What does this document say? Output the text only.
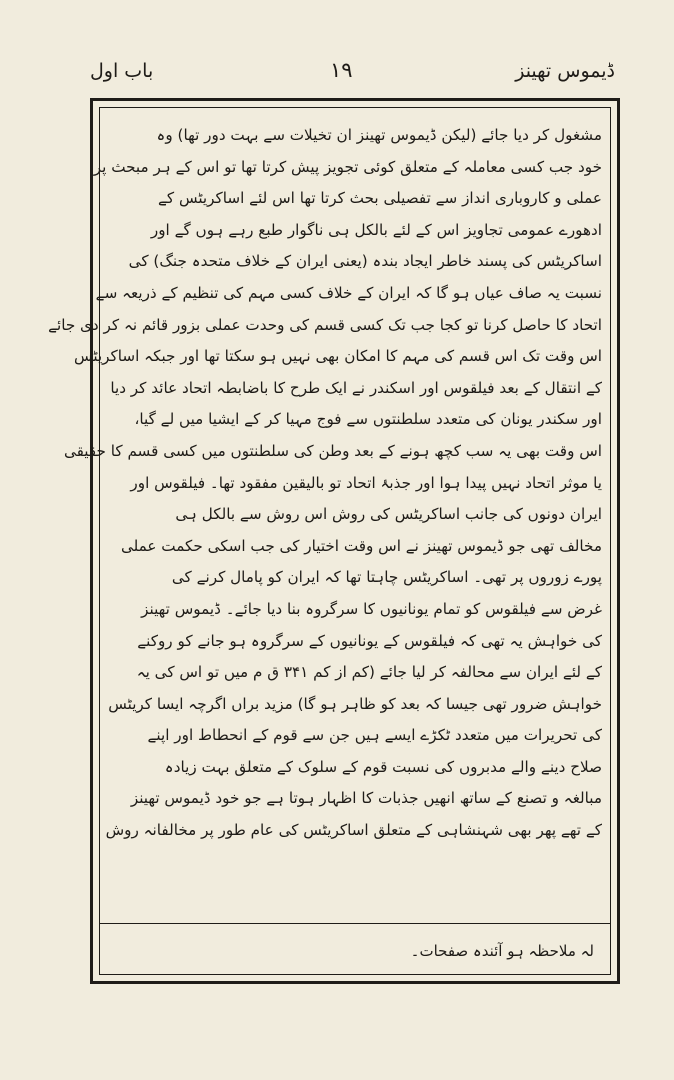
ڈیموس تھینز
۱۹
باب اول
مشغول کر دیا جائے (لیکن ڈیموس تھینز ان تخیلات سے بہت دور تھا) وہ
خود جب کسی معاملہ کے متعلق کوئی تجویز پیش کرتا تھا تو اس کے ہر مبحث پر
عملی و کاروباری انداز سے تفصیلی بحث کرتا تھا اس لئے اساکریٹس کے
ادھورے عمومی تجاویز اس کے لئے بالکل ہی ناگوار طبع رہے ہوں گے اور
اساکریٹس کی پسند خاطر ایجاد بندہ (یعنی ایران کے خلاف متحدہ جنگ) کی
نسبت یہ صاف عیاں ہو گا کہ ایران کے خلاف کسی مہم کی تنظیم کے ذریعہ سے
اتحاد کا حاصل کرنا تو کجا جب تک کسی قسم کی وحدت عملی بزور قائم نہ کر دی جائے
اس وقت تک اس قسم کی مہم کا امکان بھی نہیں ہو سکتا تھا اور جبکہ اساکریٹس
کے انتقال کے بعد فیلقوس اور اسکندر نے ایک طرح کا باضابطہ اتحاد عائد کر دیا
اور سکندر یونان کی متعدد سلطنتوں سے فوج مہیا کر کے ایشیا میں لے گیا،
اس وقت بھی یہ سب کچھ ہونے کے بعد وطن کی سلطنتوں میں کسی قسم کا حقیقی
یا موثر اتحاد نہیں پیدا ہوا اور جذبۂ اتحاد تو بالیقین مفقود تھا۔ فیلقوس اور
ایران دونوں کی جانب اساکریٹس کی روش اس روش سے بالکل ہی
مخالف تھی جو ڈیموس تھینز نے اس وقت اختیار کی جب اسکی حکمت عملی
پورے زوروں پر تھی۔ اساکریٹس چاہتا تھا کہ ایران کو پامال کرنے کی
غرض سے فیلقوس کو تمام یونانیوں کا سرگروہ بنا دیا جائے۔ ڈیموس تھینز
کی خواہش یہ تھی کہ فیلقوس کے یونانیوں کے سرگروہ ہو جانے کو روکنے
کے لئے ایران سے محالفہ کر لیا جائے (کم از کم ۳۴۱ ق م میں تو اس کی یہ
خواہش ضرور تھی جیسا کہ بعد کو ظاہر ہو گا) مزید براں اگرچہ ایسا کریٹس
کی تحریرات میں متعدد ٹکڑے ایسے ہیں جن سے قوم کے انحطاط اور اپنے
صلاح دینے والے مدبروں کی نسبت قوم کے سلوک کے متعلق بہت زیادہ
مبالغہ و تصنع کے ساتھ انھیں جذبات کا اظہار ہوتا ہے جو خود ڈیموس تھینز
کے تھے پھر بھی شہنشاہی کے متعلق اساکریٹس کی عام طور پر مخالفانہ روش
لہ ملاحظہ ہو آئندہ صفحات۔
